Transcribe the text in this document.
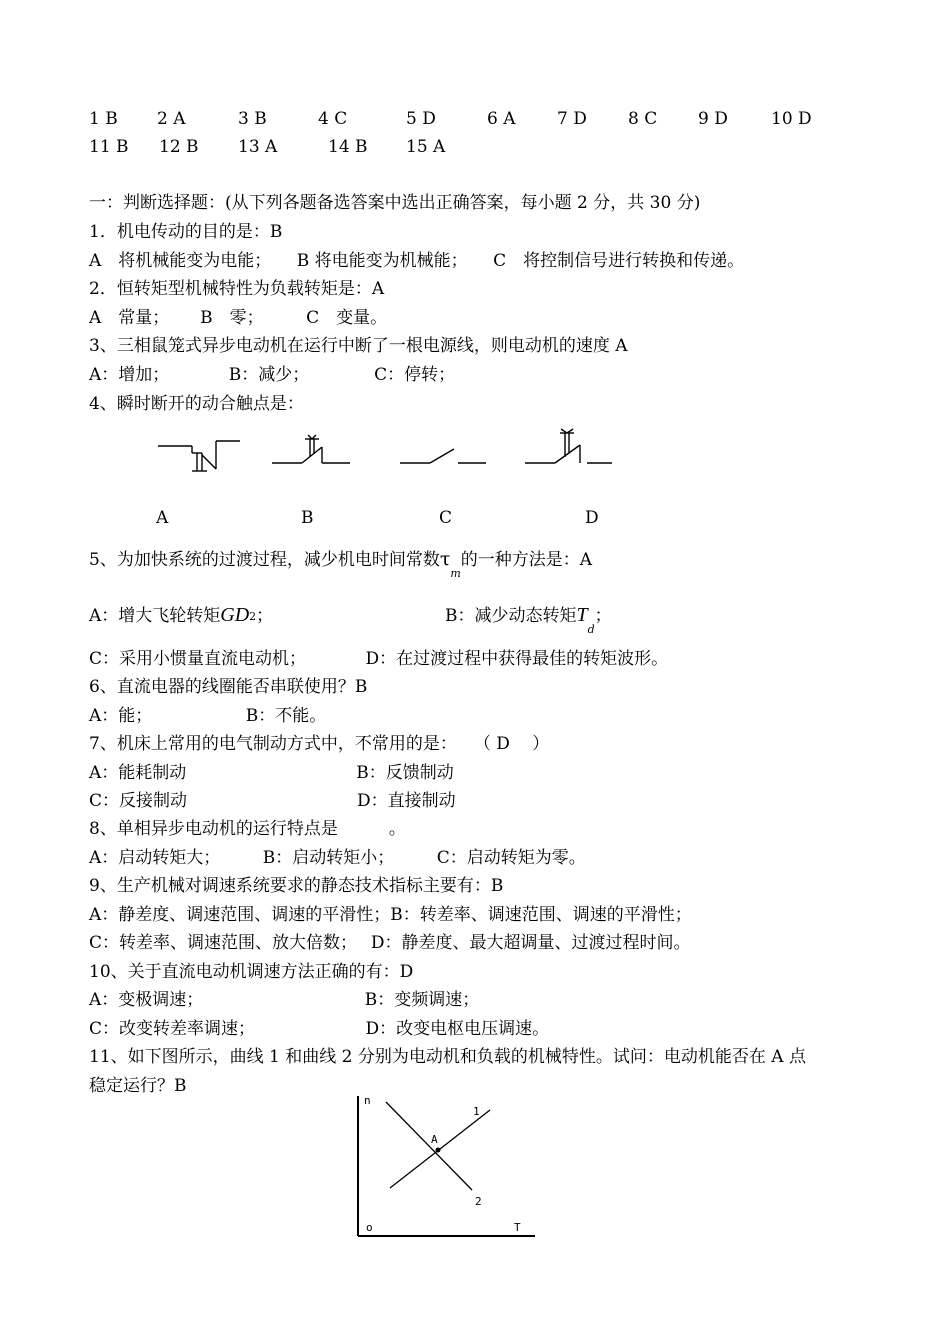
1 B 2 A	3 B	4 C	5 D	6 A 7 D 8 C 9 D	10 D
11 B 12 B 13 A	14 B 15 A
一：判断选择题：(从下列各题备选答案中选出正确答案，每小题 2 分，共 30 分)
1．机电传动的目的是：B
A　将机械能变为电能；　　B 将电能变为机械能；　　C　将控制信号进行转换和传递。
2．恒转矩型机械特性为负载转矩是：A
A　常量；　　 B　零；　　　C　变量。
3、三相鼠笼式异步电动机在运行中断了一根电源线，则电动机的速度 A
A：增加；　　　　B：减少；　　　　 C：停转；
4、瞬时断开的动合触点是：
A	B	C	D
5、为加快系统的过渡过程，减少机电时间常数$\tau_m$的一种方法是：A
A：增大飞轮转矩GD2；	B：减少动态转矩$T_d$；
C：采用小惯量直流电动机；　　　　D：在过渡过程中获得最佳的转矩波形。
6、直流电器的线圈能否串联使用？B
A：能；　　　　　　B：不能。
7、机床上常用的电气制动方式中，不常用的是：　　（ D　 ）
A：能耗制动　　　　　　　　　　B：反馈制动
C：反接制动　　　　　　　　　　D：直接制动
8、单相异步电动机的运行特点是　　　。
A：启动转矩大；　　　B：启动转矩小；　　　C：启动转矩为零。
9、生产机械对调速系统要求的静态技术指标主要有：B
A：静差度、调速范围、调速的平滑性；B：转差率、调速范围、调速的平滑性；
C：转差率、调速范围、放大倍数；　 D：静差度、最大超调量、过渡过程时间。
10、关于直流电动机调速方法正确的有：D
A：变极调速；　　　　　　　　　　B：变频调速；
C：改变转差率调速；　　　　　　　D：改变电枢电压调速。
11、如下图所示，曲线 1 和曲线 2 分别为电动机和负载的机械特性。试问：电动机能否在 A 点
稳定运行？B
n
T
o
A
1
2
